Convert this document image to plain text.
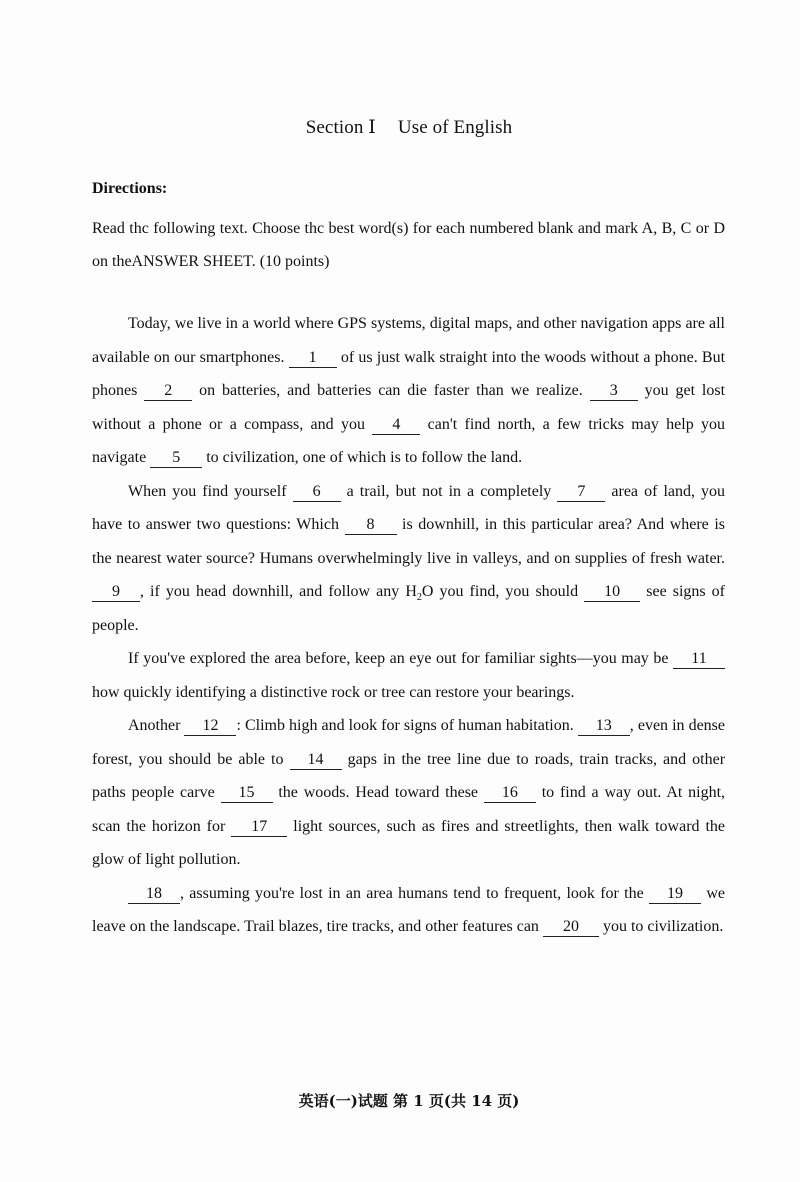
Section Ⅰ Use of English
Directions:
Read thc following text. Choose thc best word(s) for each numbered blank and mark A, B, C or D on theANSWER SHEET. (10 points)

Today, we live in a world where GPS systems, digital maps, and other navigation apps are all available on our smartphones. 1 of us just walk straight into the woods without a phone. But phones 2 on batteries, and batteries can die faster than we realize. 3 you get lost without a phone or a compass, and you 4 can't find north, a few tricks may help you navigate 5 to civilization, one of which is to follow the land.

When you find yourself 6 a trail, but not in a completely 7 area of land, you have to answer two questions: Which 8 is downhill, in this particular area? And where is the nearest water source? Humans overwhelmingly live in valleys, and on supplies of fresh water. 9 , if you head downhill, and follow any $H_2O$ you find, you should 10 see signs of people.

If you've explored the area before, keep an eye out for familiar sights—you may be 11 how quickly identifying a distinctive rock or tree can restore your bearings.

Another 12 : Climb high and look for signs of human habitation. 13 , even in dense forest, you should be able to 14 gaps in the tree line due to roads, train tracks, and other paths people carve 15 the woods. Head toward these 16 to find a way out. At night, scan the horizon for 17 light sources, such as fires and streetlights, then walk toward the glow of light pollution.

18 , assuming you're lost in an area humans tend to frequent, look for the 19 we leave on the landscape. Trail blazes, tire tracks, and other features can 20 you to civilization.

英语(一)试题 第 1 页(共 14 页)
